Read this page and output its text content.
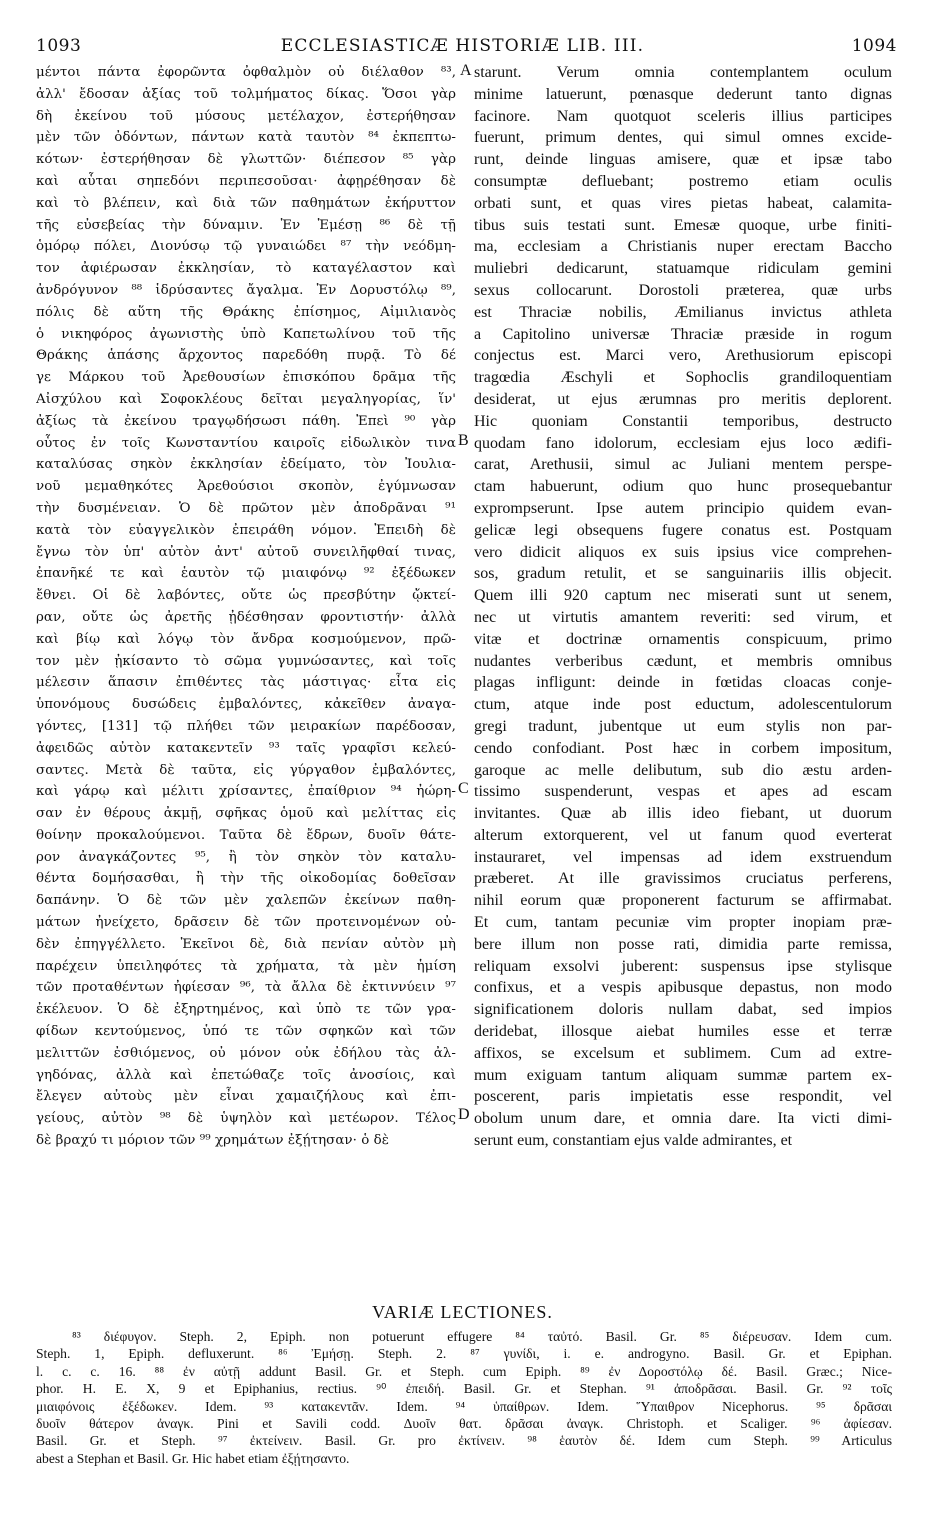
1093	ECCLESIASTICÆ HISTORIÆ LIB. III.	1094
μέντοι πάντα ἐφορῶντα ὀφθαλμὸν οὐ διέλαθον ⁸³,
ἀλλ' ἔδοσαν ἀξίας τοῦ τολμήματος δίκας. Ὅσοι γὰρ
δὴ ἐκείνου τοῦ μύσους μετέλαχον, ἐστερήθησαν
μὲν τῶν ὀδόντων, πάντων κατὰ ταυτὸν ⁸⁴ ἐκπεπτω-
κότων· ἐστερήθησαν δὲ γλωττῶν· διέπεσον ⁸⁵ γὰρ
καὶ αὗται σηπεδόνι περιπεσοῦσαι· ἀφῃρέθησαν δὲ
καὶ τὸ βλέπειν, καὶ διὰ τῶν παθημάτων ἐκήρυττον
τῆς εὐσεβείας τὴν δύναμιν. Ἐν Ἐμέσῃ ⁸⁶ δὲ τῇ
ὁμόρῳ πόλει, Διονύσῳ τῷ γυναιώδει ⁸⁷ τὴν νεόδμη-
τον ἀφιέρωσαν ἐκκλησίαν, τὸ καταγέλαστον καὶ
ἀνδρόγυνον ⁸⁸ ἱδρύσαντες ἄγαλμα. Ἐν Δορυστόλῳ ⁸⁹,
πόλις δὲ αὕτη τῆς Θράκης ἐπίσημος, Αἰμιλιανὸς
ὁ νικηφόρος ἀγωνιστὴς ὑπὸ Καπετωλίνου τοῦ τῆς
Θράκης ἁπάσης ἄρχοντος παρεδόθη πυρᾷ. Τὸ δέ
γε Μάρκου τοῦ Ἀρεθουσίων ἐπισκόπου δρᾶμα τῆς
Αἰσχύλου καὶ Σοφοκλέους δεῖται μεγαληγορίας, ἵν'
ἀξίως τὰ ἐκείνου τραγῳδήσωσι πάθη. Ἐπεὶ ⁹⁰ γὰρ
οὗτος ἐν τοῖς Κωνσταντίου καιροῖς εἰδωλικὸν τινα
καταλύσας σηκὸν ἐκκλησίαν ἐδείματο, τὸν Ἰουλια-
νοῦ μεμαθηκότες Ἀρεθούσιοι σκοπὸν, ἐγύμνωσαν
τὴν δυσμένειαν. Ὁ δὲ πρῶτον μὲν ἀποδρᾶναι ⁹¹
κατὰ τὸν εὐαγγελικὸν ἐπειράθη νόμον. Ἐπειδὴ δὲ
ἔγνω τὸν ὑπ' αὐτὸν ἀντ' αὐτοῦ συνειλῆφθαί τινας,
ἐπανῆκέ τε καὶ ἑαυτὸν τῷ μιαιφόνῳ ⁹² ἐξέδωκεν
ἔθνει. Οἱ δὲ λαβόντες, οὔτε ὡς πρεσβύτην ᾤκτεί-
ραν, οὔτε ὡς ἀρετῆς ᾐδέσθησαν φροντιστήν· ἀλλὰ
καὶ βίῳ καὶ λόγῳ τὸν ἄνδρα κοσμούμενον, πρῶ-
τον μὲν ᾐκίσαντο τὸ σῶμα γυμνώσαντες, καὶ τοῖς
μέλεσιν ἅπασιν ἐπιθέντες τὰς μάστιγας· εἶτα εἰς
ὑπονόμους δυσώδεις ἐμβαλόντες, κἀκεῖθεν ἀναγα-
γόντες, [131] τῷ πλήθει τῶν μειρακίων παρέδοσαν,
ἀφειδῶς αὐτὸν κατακεντεῖν ⁹³ ταῖς γραφῖσι κελεύ-
σαντες. Μετὰ δὲ ταῦτα, εἰς γύργαθον ἐμβαλόντες,
καὶ γάρῳ καὶ μέλιτι χρίσαντες, ἐπαίθριον ⁹⁴ ἠώρη-
σαν ἐν θέρους ἀκμῇ, σφῆκας ὁμοῦ καὶ μελίττας εἰς
θοίνην προκαλούμενοι. Ταῦτα δὲ ἔδρων, δυοῖν θάτε-
ρον ἀναγκάζοντες ⁹⁵, ἢ τὸν σηκὸν τὸν καταλυ-
θέντα δομήσασθαι, ἢ τὴν τῆς οἰκοδομίας δοθεῖσαν
δαπάνην. Ὁ δὲ τῶν μὲν χαλεπῶν ἐκείνων παθη-
μάτων ἠνείχετο, δρᾶσειν δὲ τῶν προτεινομένων οὐ-
δὲν ἐπηγγέλλετο. Ἐκεῖνοι δὲ, διὰ πενίαν αὐτὸν μὴ
παρέχειν ὑπειληφότες τὰ χρήματα, τὰ μὲν ἡμίση
τῶν προταθέντων ἠφίεσαν ⁹⁶, τὰ ἄλλα δὲ ἐκτιννύειν ⁹⁷
ἐκέλευον. Ὁ δὲ ἐξηρτημένος, καὶ ὑπὸ τε τῶν γρα-
φίδων κεντούμενος, ὑπό τε τῶν σφηκῶν καὶ τῶν
μελιττῶν ἐσθιόμενος, οὐ μόνον οὐκ ἐδήλου τὰς ἀλ-
γηδόνας, ἀλλὰ καὶ ἐπετώθαζε τοῖς ἀνοσίοις, καὶ
ἔλεγεν αὐτοὺς μὲν εἶναι χαμαιζήλους καὶ ἐπι-
γείους, αὐτὸν ⁹⁸ δὲ ὑψηλὸν καὶ μετέωρον. Τέλος
δὲ βραχύ τι μόριον τῶν ⁹⁹ χρημάτων ἐξῄτησαν· ὁ δὲ
starunt. Verum omnia contemplantem oculum
minime latuerunt, pœnasque dederunt tanto dignas
facinore. Nam quotquot sceleris illius participes
fuerunt, primum dentes, qui simul omnes excide-
runt, deinde linguas amisere, quæ et ipsæ tabo
consumptæ defluebant; postremo etiam oculis
orbati sunt, et quas vires pietas habeat, calamita-
tibus suis testati sunt. Emesæ quoque, urbe finiti-
ma, ecclesiam a Christianis nuper erectam Baccho
muliebri dedicarunt, statuamque ridiculam gemini
sexus collocarunt. Dorostoli præterea, quæ urbs
est Thraciæ nobilis, Æmilianus invictus athleta
a Capitolino universæ Thraciæ præside in rogum
conjectus est. Marci vero, Arethusiorum episcopi
tragœdia Æschyli et Sophoclis grandiloquentiam
desiderat, ut ejus ærumnas pro meritis deplorent.
Hic quoniam Constantii temporibus, destructo
quodam fano idolorum, ecclesiam ejus loco ædifi-
carat, Arethusii, simul ac Juliani mentem perspe-
ctam habuerunt, odium quo hunc prosequebantur
exprompserunt. Ipse autem principio quidem evan-
gelicæ legi obsequens fugere conatus est. Postquam
vero didicit aliquos ex suis ipsius vice comprehen-
sos, gradum retulit, et se sanguinariis illis objecit.
Quem illi 920 captum nec miserati sunt ut senem,
nec ut virtutis amantem reveriti: sed virum, et
vitæ et doctrinæ ornamentis conspicuum, primo
nudantes verberibus cædunt, et membris omnibus
plagas infligunt: deinde in fœtidas cloacas conje-
ctum, atque inde post eductum, adolescentulorum
gregi tradunt, jubentque ut eum stylis non par-
cendo confodiant. Post hæc in corbem impositum,
garoque ac melle delibutum, sub dio æstu arden-
tissimo suspenderunt, vespas et apes ad escam
invitantes. Quæ ab illis ideo fiebant, ut duorum
alterum extorquerent, vel ut fanum quod everterat
instauraret, vel impensas ad idem exstruendum
præberet. At ille gravissimos cruciatus perferens,
nihil eorum quæ proponerent facturum se affirmabat.
Et cum, tantam pecuniæ vim propter inopiam præ-
bere illum non posse rati, dimidia parte remissa,
reliquam exsolvi juberent: suspensus ipse stylisque
confixus, et a vespis apibusque depastus, non modo
significationem doloris nullam dabat, sed impios
deridebat, illosque aiebat humiles esse et terræ
affixos, se excelsum et sublimem. Cum ad extre-
mum exiguam tantum aliquam summæ partem ex-
poscerent, paris impietatis esse respondit, vel
obolum unum dare, et omnia dare. Ita victi dimi-
serunt eum, constantiam ejus valde admirantes, et
A
B
C
D
VARIÆ LECTIONES.
⁸³ διέφυγον. Steph. 2, Epiph. non potuerunt effugere ⁸⁴ ταὐτό. Basil. Gr. ⁸⁵ διέρευσαν. Idem cum.
Steph. 1, Epiph. defluxerunt. ⁸⁶ Ἐμήσῃ. Steph. 2. ⁸⁷ γυνίδι, i. e. androgyno. Basil. Gr. et Epiphan.
l. c. c. 16. ⁸⁸ ἐν αὐτῇ addunt Basil. Gr. et Steph. cum Epiph. ⁸⁹ ἐν Δοροστόλῳ δέ. Basil. Græc.; Nice-
phor. H. E. X, 9 et Epiphanius, rectius. ⁹⁰ ἐπειδή. Basil. Gr. et Stephan. ⁹¹ ἀποδρᾶσαι. Basil. Gr. ⁹² τοῖς
μιαιφόνοις ἐξέδωκεν. Idem. ⁹³ κατακεντᾶν. Idem. ⁹⁴ ὑπαίθρων. Idem. Ὕπαιθρον Nicephorus. ⁹⁵ δρᾶσαι
δυοῖν θάτερον ἀναγκ. Pini et Savili codd. Δυοῖν θατ. δρᾶσαι ἀναγκ. Christoph. et Scaliger. ⁹⁶ ἀφίεσαν.
Basil. Gr. et Steph. ⁹⁷ ἐκτείνειν. Basil. Gr. pro ἐκτίνειν. ⁹⁸ ἑαυτὸν δέ. Idem cum Steph. ⁹⁹ Articulus
abest a Stephan et Basil. Gr. Hic habet etiam ἐξῄτησαντο.
